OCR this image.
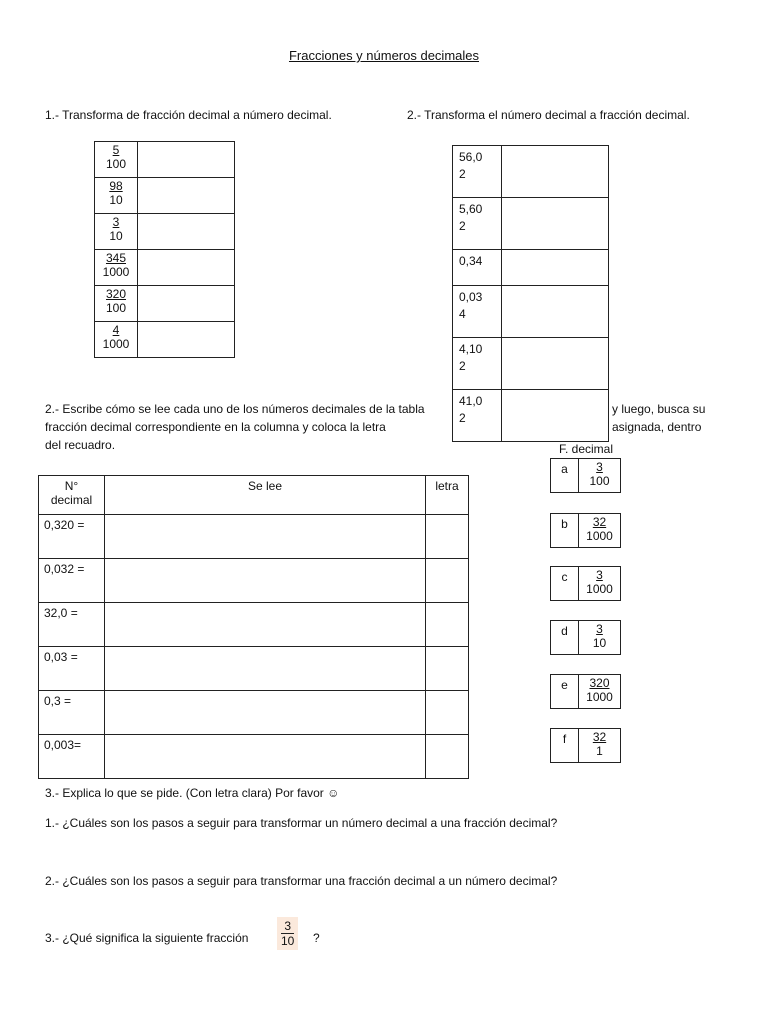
Fracciones y números decimales
1.- Transforma de fracción decimal a número decimal.
$\frac{5}{100}$

$\frac{98}{10}$

$\frac{3}{10}$

$\frac{345}{1000}$

$\frac{320}{100}$

$\frac{4}{1000}$

2.- Transforma el número decimal a fracción decimal.
56,0
2	

5,60
2	

0,34	

0,03
4	

4,10
2	

41,0
2	

2.- Escribe cómo se lee cada uno de los números decimales de la tabla
fracción decimal correspondiente en la columna y coloca la letra
del recuadro.
y luego, busca su
asignada, dentro
F. decimal
N°
decimal	Se lee	letra
0,320 =		
0,032 =		
32,0 =		
0,03 =		
0,3 =		
0,003=		
a	3
100
b	32
1000
c	3
1000
d	3
10
e	320
1000
f	32
1
3.- Explica lo que se pide. (Con letra clara) Por favor ☺
1.- ¿Cuáles son los pasos a seguir para transformar un número decimal a una fracción decimal?
2.- ¿Cuáles son los pasos a seguir para transformar una fracción decimal a un número decimal?
3.- ¿Qué significa la siguiente fracción	$\frac{3}{10}$ ?
